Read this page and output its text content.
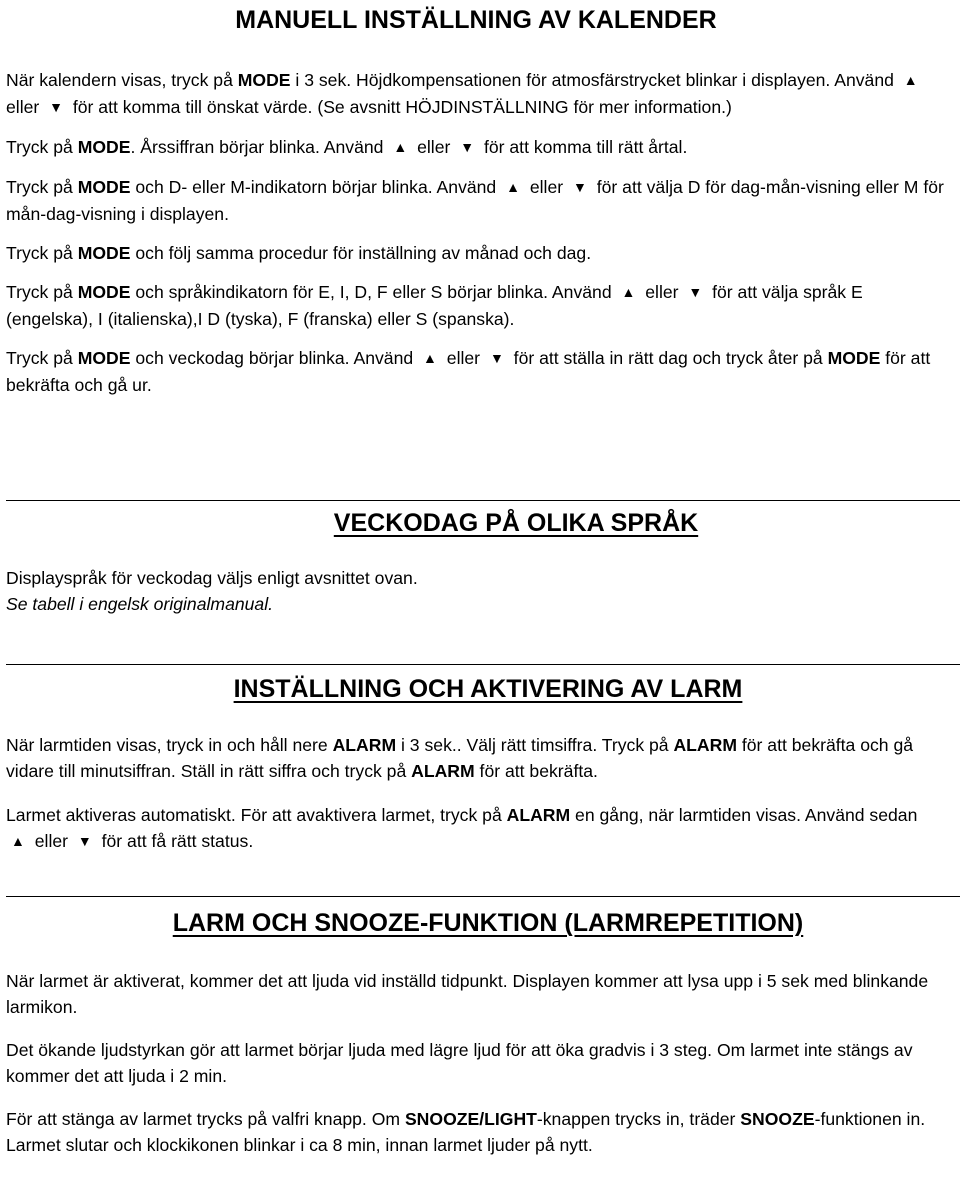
MANUELL INSTÄLLNING AV KALENDER

När kalendern visas, tryck på MODE i 3 sek. Höjdkompensationen för atmosfärstrycket blinkar i displayen. Använd ▲ eller ▼ för att komma till önskat värde. (Se avsnitt HÖJDINSTÄLLNING för mer information.)

Tryck på MODE. Årssiffran börjar blinka. Använd ▲ eller ▼ för att komma till rätt årtal.

Tryck på MODE och D- eller M-indikatorn börjar blinka. Använd ▲ eller ▼ för att välja D för dag-mån-visning eller M för mån-dag-visning i displayen.

Tryck på MODE och följ samma procedur för inställning av månad och dag.

Tryck på MODE och språkindikatorn för E, I, D, F eller S börjar blinka. Använd ▲ eller ▼ för att välja språk E (engelska), I (italienska),I D (tyska), F (franska) eller S (spanska).

Tryck på MODE och veckodag börjar blinka. Använd ▲ eller ▼ för att ställa in rätt dag och tryck åter på MODE för att bekräfta och gå ur.

VECKODAG PÅ OLIKA SPRÅK

Displayspråk för veckodag väljs enligt avsnittet ovan.

Se tabell i engelsk originalmanual.

INSTÄLLNING OCH AKTIVERING AV LARM

När larmtiden visas, tryck in och håll nere ALARM i 3 sek.. Välj rätt timsiffra. Tryck på ALARM för att bekräfta och gå vidare till minutsiffran. Ställ in rätt siffra och tryck på ALARM för att bekräfta.

Larmet aktiveras automatiskt. För att avaktivera larmet, tryck på ALARM en gång, när larmtiden visas. Använd sedan ▲ eller ▼ för att få rätt status.

LARM OCH SNOOZE-FUNKTION (LARMREPETITION)

När larmet är aktiverat, kommer det att ljuda vid inställd tidpunkt. Displayen kommer att lysa upp i 5 sek med blinkande larmikon.

Det ökande ljudstyrkan gör att larmet börjar ljuda med lägre ljud för att öka gradvis i 3 steg. Om larmet inte stängs av kommer det att ljuda i 2 min.

För att stänga av larmet trycks på valfri knapp. Om SNOOZE/LIGHT-knappen trycks in, träder SNOOZE-funktionen in. Larmet slutar och klockikonen blinkar i ca 8 min, innan larmet ljuder på nytt.
